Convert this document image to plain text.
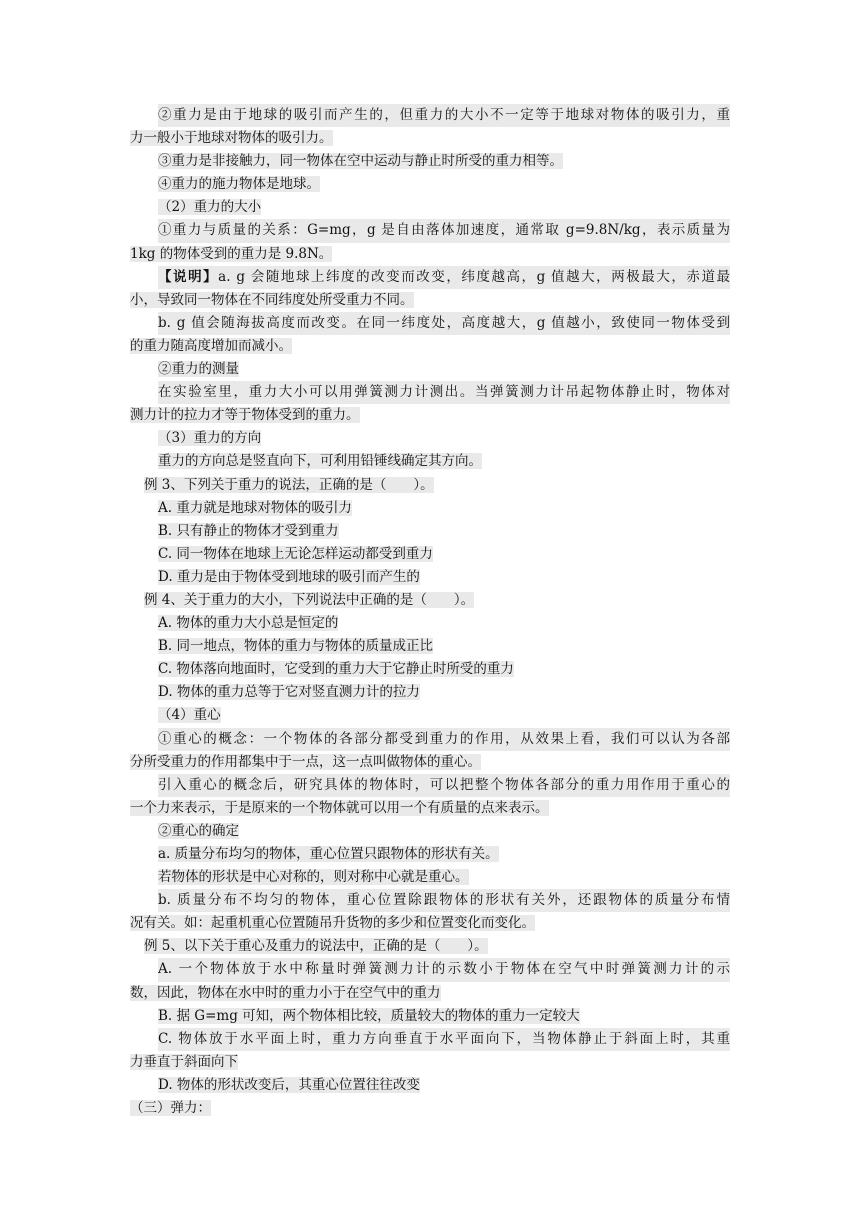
②重力是由于地球的吸引而产生的，但重力的大小不一定等于地球对物体的吸引力，重
力一般小于地球对物体的吸引力。
③重力是非接触力，同一物体在空中运动与静止时所受的重力相等。
④重力的施力物体是地球。
（2）重力的大小
①重力与质量的关系：G=mg，g 是自由落体加速度，通常取 g=9.8N/kg，表示质量为
1kg 的物体受到的重力是 9.8N。
【说明】a. g 会随地球上纬度的改变而改变，纬度越高，g 值越大，两极最大，赤道最
小，导致同一物体在不同纬度处所受重力不同。
b. g 值会随海拔高度而改变。在同一纬度处，高度越大，g 值越小，致使同一物体受到
的重力随高度增加而减小。
②重力的测量
在实验室里，重力大小可以用弹簧测力计测出。当弹簧测力计吊起物体静止时，物体对
测力计的拉力才等于物体受到的重力。
（3）重力的方向
重力的方向总是竖直向下，可利用铅锤线确定其方向。
例 3、下列关于重力的说法，正确的是（　　）。
A. 重力就是地球对物体的吸引力
B. 只有静止的物体才受到重力
C. 同一物体在地球上无论怎样运动都受到重力
D. 重力是由于物体受到地球的吸引而产生的
例 4、关于重力的大小，下列说法中正确的是（　　）。
A. 物体的重力大小总是恒定的
B. 同一地点，物体的重力与物体的质量成正比
C. 物体落向地面时，它受到的重力大于它静止时所受的重力
D. 物体的重力总等于它对竖直测力计的拉力
（4）重心
①重心的概念：一个物体的各部分都受到重力的作用，从效果上看，我们可以认为各部
分所受重力的作用都集中于一点，这一点叫做物体的重心。
引入重心的概念后，研究具体的物体时，可以把整个物体各部分的重力用作用于重心的
一个力来表示，于是原来的一个物体就可以用一个有质量的点来表示。
②重心的确定
a. 质量分布均匀的物体，重心位置只跟物体的形状有关。
若物体的形状是中心对称的，则对称中心就是重心。
b. 质量分布不均匀的物体，重心位置除跟物体的形状有关外，还跟物体的质量分布情
况有关。如：起重机重心位置随吊升货物的多少和位置变化而变化。
例 5、以下关于重心及重力的说法中，正确的是（　　）。
A. 一个物体放于水中称量时弹簧测力计的示数小于物体在空气中时弹簧测力计的示
数，因此，物体在水中时的重力小于在空气中的重力
B. 据 G=mg 可知，两个物体相比较，质量较大的物体的重力一定较大
C. 物体放于水平面上时，重力方向垂直于水平面向下，当物体静止于斜面上时，其重
力垂直于斜面向下
D. 物体的形状改变后，其重心位置往往改变
（三）弹力：
